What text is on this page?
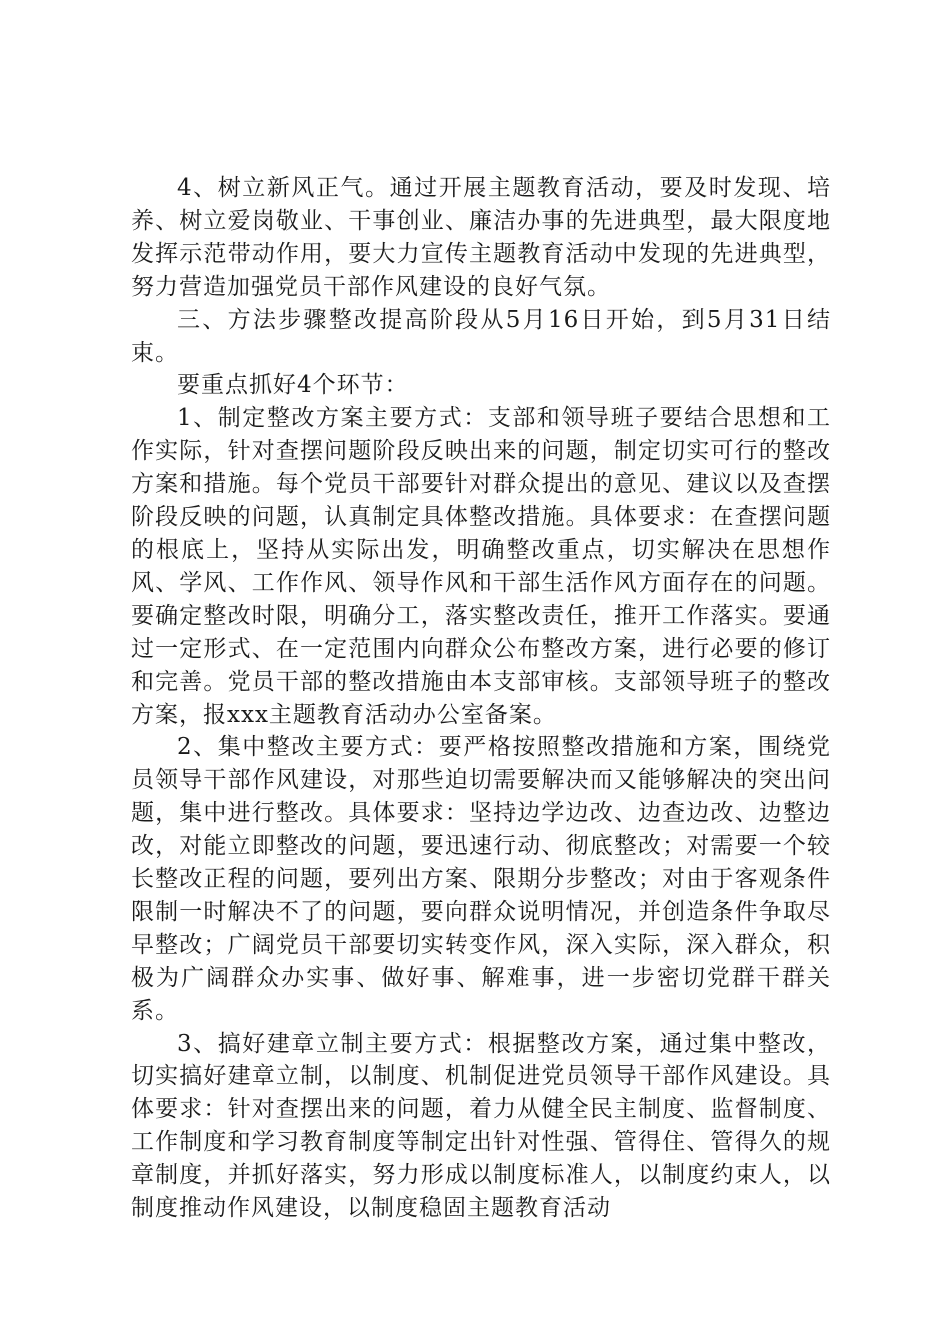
4、树立新风正气。通过开展主题教育活动，要及时发现、培养、树立爱岗敬业、干事创业、廉洁办事的先进典型，最大限度地发挥示范带动作用，要大力宣传主题教育活动中发现的先进典型，努力营造加强党员干部作风建设的良好气氛。

三、方法步骤整改提高阶段从5月16日开始，到5月31日结束。

要重点抓好4个环节：

1、制定整改方案主要方式：支部和领导班子要结合思想和工作实际，针对查摆问题阶段反映出来的问题，制定切实可行的整改方案和措施。每个党员干部要针对群众提出的意见、建议以及查摆阶段反映的问题，认真制定具体整改措施。具体要求：在查摆问题的根底上，坚持从实际出发，明确整改重点，切实解决在思想作风、学风、工作作风、领导作风和干部生活作风方面存在的问题。要确定整改时限，明确分工，落实整改责任，推开工作落实。要通过一定形式、在一定范围内向群众公布整改方案，进行必要的修订和完善。党员干部的整改措施由本支部审核。支部领导班子的整改方案，报xxx主题教育活动办公室备案。

2、集中整改主要方式：要严格按照整改措施和方案，围绕党员领导干部作风建设，对那些迫切需要解决而又能够解决的突出问题，集中进行整改。具体要求：坚持边学边改、边查边改、边整边改，对能立即整改的问题，要迅速行动、彻底整改；对需要一个较长整改正程的问题，要列出方案、限期分步整改；对由于客观条件限制一时解决不了的问题，要向群众说明情况，并创造条件争取尽早整改；广阔党员干部要切实转变作风，深入实际，深入群众，积极为广阔群众办实事、做好事、解难事，进一步密切党群干群关系。

3、搞好建章立制主要方式：根据整改方案，通过集中整改，切实搞好建章立制，以制度、机制促进党员领导干部作风建设。具体要求：针对查摆出来的问题，着力从健全民主制度、监督制度、工作制度和学习教育制度等制定出针对性强、管得住、管得久的规章制度，并抓好落实，努力形成以制度标准人，以制度约束人，以制度推动作风建设，以制度稳固主题教育活动
